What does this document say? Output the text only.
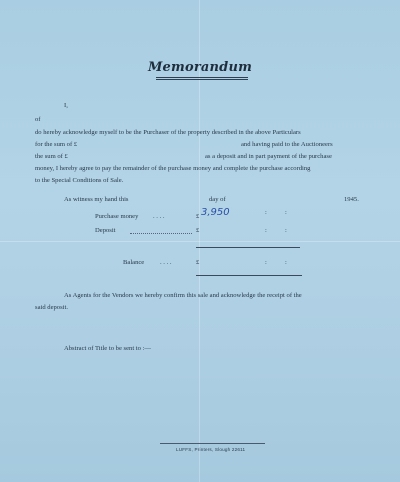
Memorandum
I,
of
do hereby acknowledge myself to be the Purchaser of the property described in the above Particulars
for the sum of £	and having paid to the Auctioneers
the sum of £	as a deposit and in part payment of the purchase
money, I hereby agree to pay the remainder of the purchase money and complete the purchase according
to the Special Conditions of Sale.
As witness my hand this	day of	1945.
Purchase money . . . .	£ 3,950	:	:
Deposit	£	:	:
Balance . . . .	£	:	:
As Agents for the Vendors we hereby confirm this sale and acknowledge the receipt of the
said deposit.
Abstract of Title to be sent to :—
LUFFS, Printers, Slough 22611
